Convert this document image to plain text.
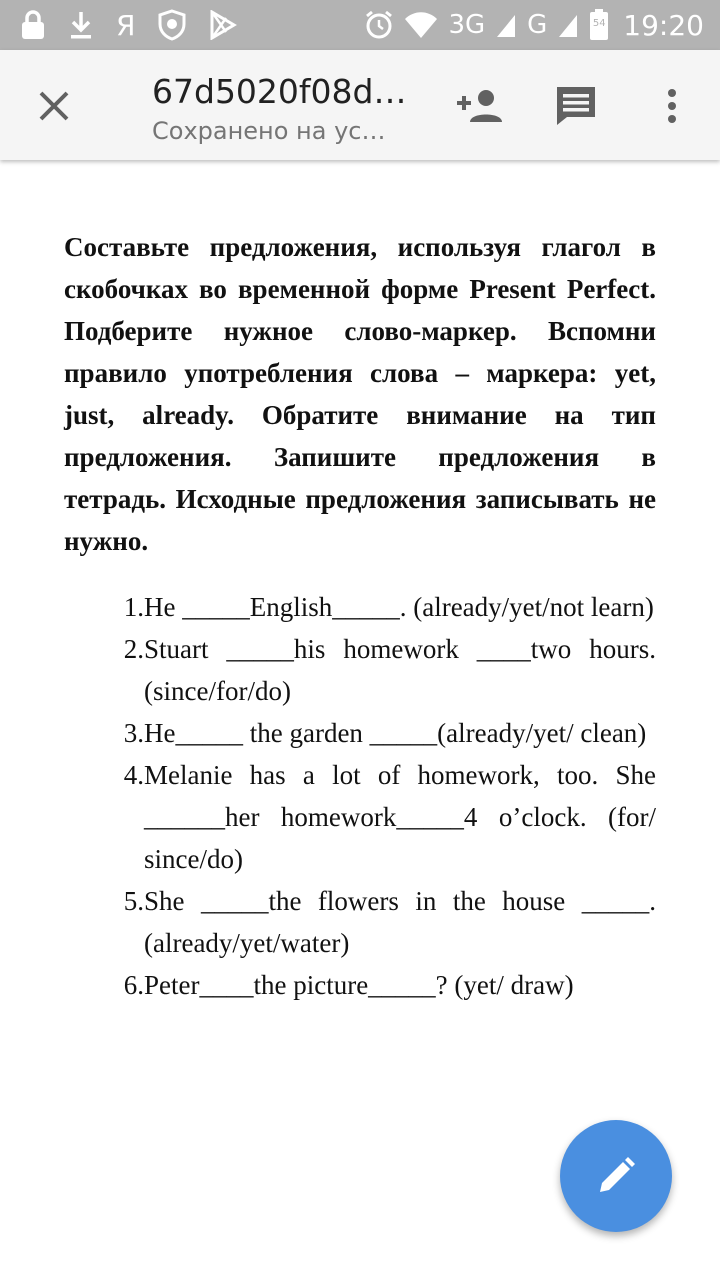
Я	3G G	54 19:20
67d5020f08d…
Сохранено на ус…

Составьте предложения, используя глагол в скобочках во временной форме Present Perfect. Подберите нужное слово-маркер. Вспомни правило употребления слова – маркера: yet, just, already. Обратите внимание на тип предложения. Запишите предложения в тетрадь. Исходные предложения записывать не нужно.

1. He _____English_____. (already/yet/not learn)
2. Stuart _____his homework ____two hours. (since/for/do)
3. He_____ the garden _____(already/yet/ clean)
4. Melanie has a lot of homework, too. She ______her homework_____4 o’clock. (for/ since/do)
5. She _____the flowers in the house _____. (already/yet/water)
6. Peter____the picture_____? (yet/ draw)
